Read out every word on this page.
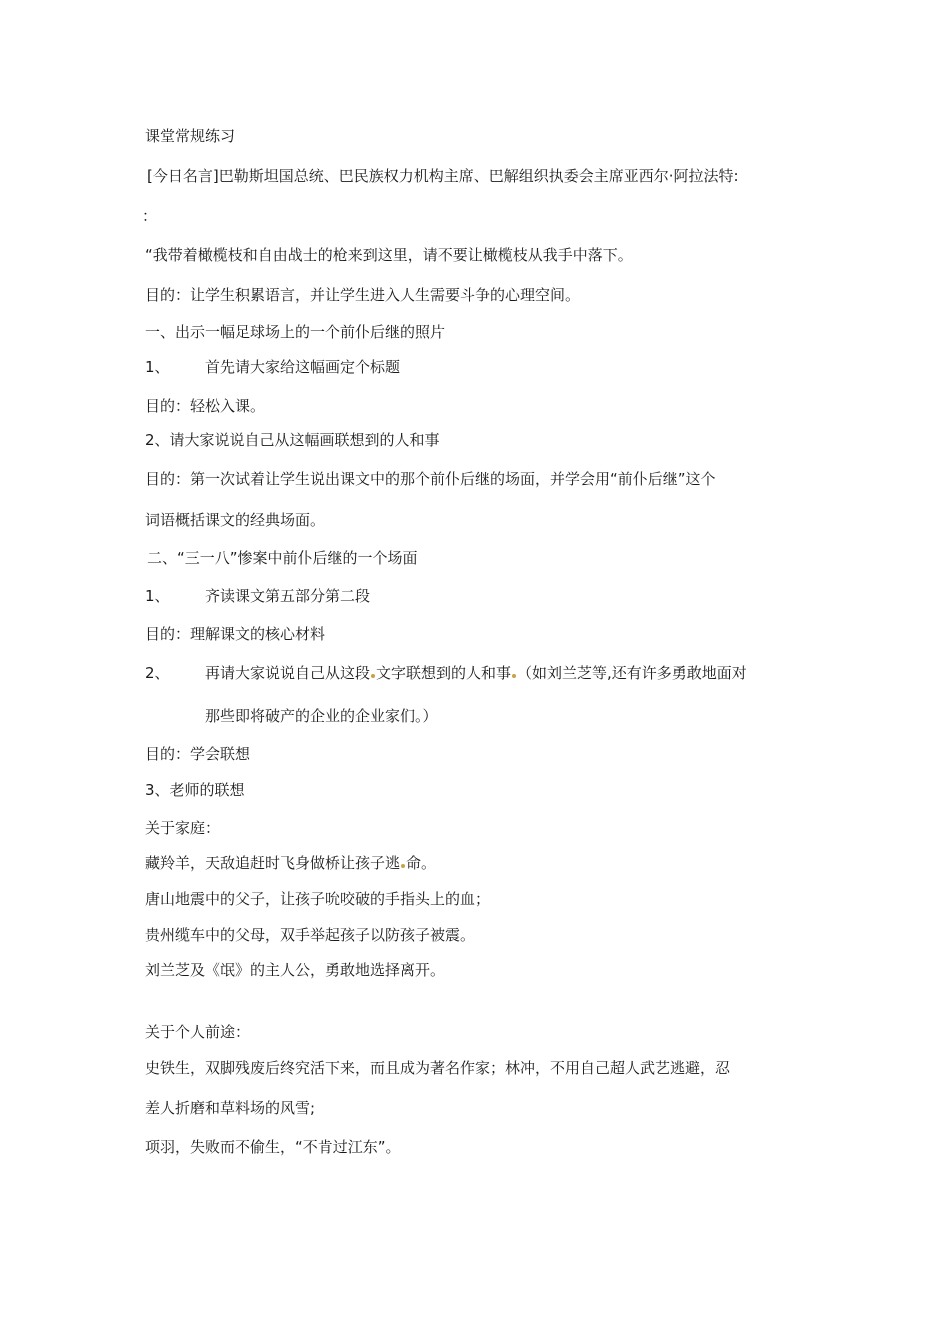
课堂常规练习
[今日名言]巴勒斯坦国总统、巴民族权力机构主席、巴解组织执委会主席亚西尔·阿拉法特:
：
“我带着橄榄枝和自由战士的枪来到这里，请不要让橄榄枝从我手中落下。
目的：让学生积累语言，并让学生进入人生需要斗争的心理空间。
一、出示一幅足球场上的一个前仆后继的照片
1、 首先请大家给这幅画定个标题
目的：轻松入课。
2、请大家说说自己从这幅画联想到的人和事
目的：第一次试着让学生说出课文中的那个前仆后继的场面，并学会用“前仆后继”这个
词语概括课文的经典场面。
二、“三一八”惨案中前仆后继的一个场面
1、 齐读课文第五部分第二段
目的：理解课文的核心材料
2、 再请大家说说自己从这段 文字联想到的人和事 （如刘兰芝等,还有许多勇敢地面对
那些即将破产的企业的企业家们。）
目的：学会联想
3、老师的联想
关于家庭：
藏羚羊，天敌追赶时飞身做桥让孩子逃 命。
唐山地震中的父子，让孩子吮咬破的手指头上的血；
贵州缆车中的父母，双手举起孩子以防孩子被震。
刘兰芝及《氓》的主人公，勇敢地选择离开。
关于个人前途：
史铁生，双脚残废后终究活下来，而且成为著名作家；林冲，不用自己超人武艺逃避，忍
差人折磨和草料场的风雪;
项羽，失败而不偷生，“不肯过江东”。
